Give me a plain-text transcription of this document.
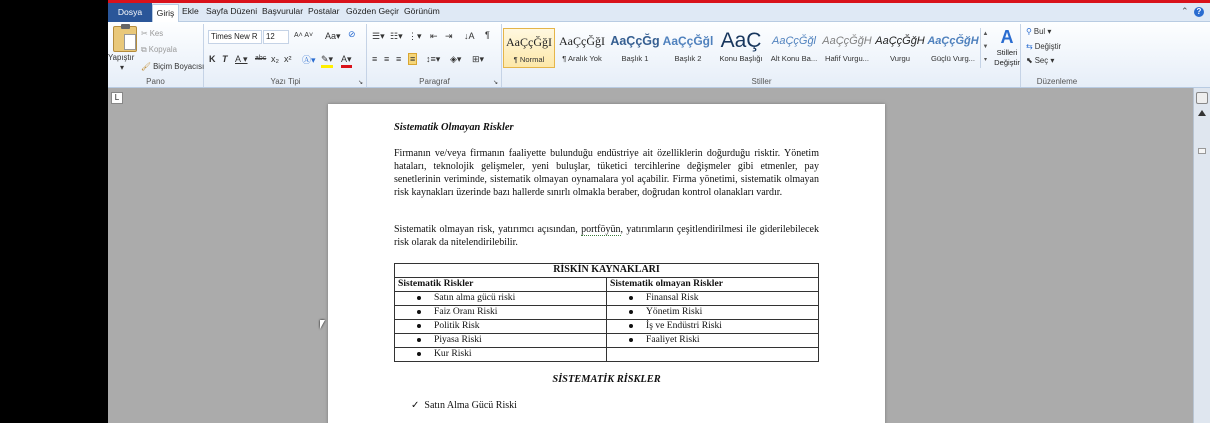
Dosya	Giriş Ekle Sayfa Düzeni Başvurular Postalar Gözden Geçir Görünüm	⌃ ?
Yapıştır
▾
✂ Kes
⧉ Kopyala
🖌 Biçim Boyacısı
Pano
Times New R	12	A˄ A˅ Aa▾ ⊘
K T A ▾ abc x₂ x² Ⓐ▾ ✎▾ A▾
↘
Yazı Tipi
☰▾ ☷▾ ⋮▾ ⇤ ⇥ ↓A ¶
≡ ≡ ≡ ≡ ↕≡▾ ◈▾ ⊞▾
↘
Paragraf
AaÇçĞğI
¶ Normal
AaÇçĞğI
¶ Aralık Yok
AaÇçĞg
Başlık 1
AaÇçĞğl
Başlık 2
AaÇ
Konu Başlığı
AaÇçĞğl
Alt Konu Ba...
AaÇçĞğH
Hafif Vurgu...
AaÇçĞğH
Vurgu
AaÇçĞğH
Güçlü Vurg...
▲
▼
▾
A
Stilleri Değiştir
Stiller
⚲ Bul ▾
⇆ Değiştir
⬉ Seç ▾
Düzenleme
L
Sistematik Olmayan Riskler
Firmanın ve/veya firmanın faaliyette bulunduğu endüstriye ait özelliklerin doğurduğu risktir. Yönetim hataları, teknolojik gelişmeler, yeni buluşlar, tüketici tercihlerine değişmeler gibi etmenler, pay senetlerinin veriminde, sistematik olmayan oynamalara yol açabilir. Firma yönetimi, sistematik olmayan risk kaynakları üzerinde bazı hallerde sınırlı olmakla beraber, doğrudan kontrol olanakları vardır.
Sistematik olmayan risk, yatırımcı açısından, portföyün, yatırımların çeşitlendirilmesi ile giderilebilecek risk olarak da nitelendirilebilir.
RİSKİN KAYNAKLARI	
Sistematik Riskler	Sistematik olmayan Riskler
Satın alma gücü riski	Finansal Risk
Faiz Oranı Riski	Yönetim Riski
Politik Risk	İş ve Endüstri Riski
Piyasa Riski	Faaliyet Riski
Kur Riski	
SİSTEMATİK RİSKLER
✓ Satın Alma Gücü Riski
